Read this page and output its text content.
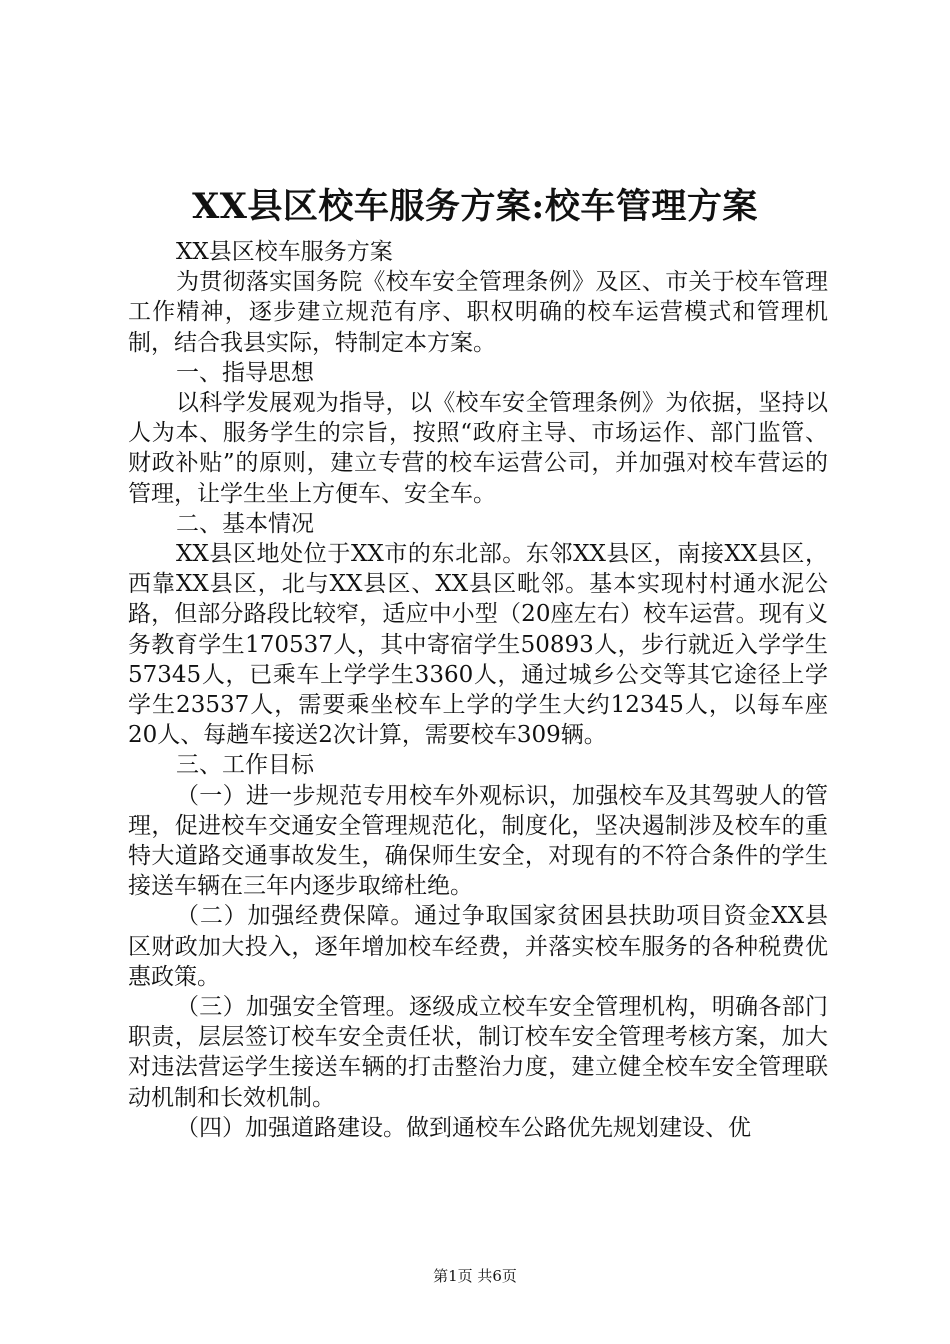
XX县区校车服务方案:校车管理方案

XX县区校车服务方案

为贯彻落实国务院《校车安全管理条例》及区、市关于校车管理工作精神，逐步建立规范有序、职权明确的校车运营模式和管理机制，结合我县实际，特制定本方案。

一、指导思想

以科学发展观为指导，以《校车安全管理条例》为依据，坚持以人为本、服务学生的宗旨，按照“政府主导、市场运作、部门监管、财政补贴”的原则，建立专营的校车运营公司，并加强对校车营运的管理，让学生坐上方便车、安全车。

二、基本情况

XX县区地处位于XX市的东北部。东邻XX县区，南接XX县区，西靠XX县区，北与XX县区、XX县区毗邻。基本实现村村通水泥公路，但部分路段比较窄，适应中小型（20座左右）校车运营。现有义务教育学生170537人，其中寄宿学生50893人，步行就近入学学生57345人，已乘车上学学生3360人，通过城乡公交等其它途径上学学生23537人，需要乘坐校车上学的学生大约12345人，以每车座20人、每趟车接送2次计算，需要校车309辆。

三、工作目标

（一）进一步规范专用校车外观标识，加强校车及其驾驶人的管理，促进校车交通安全管理规范化，制度化，坚决遏制涉及校车的重特大道路交通事故发生，确保师生安全，对现有的不符合条件的学生接送车辆在三年内逐步取缔杜绝。

（二）加强经费保障。通过争取国家贫困县扶助项目资金XX县区财政加大投入，逐年增加校车经费，并落实校车服务的各种税费优惠政策。

（三）加强安全管理。逐级成立校车安全管理机构，明确各部门职责，层层签订校车安全责任状，制订校车安全管理考核方案，加大对违法营运学生接送车辆的打击整治力度，建立健全校车安全管理联动机制和长效机制。

（四）加强道路建设。做到通校车公路优先规划建设、优

第1页 共6页
